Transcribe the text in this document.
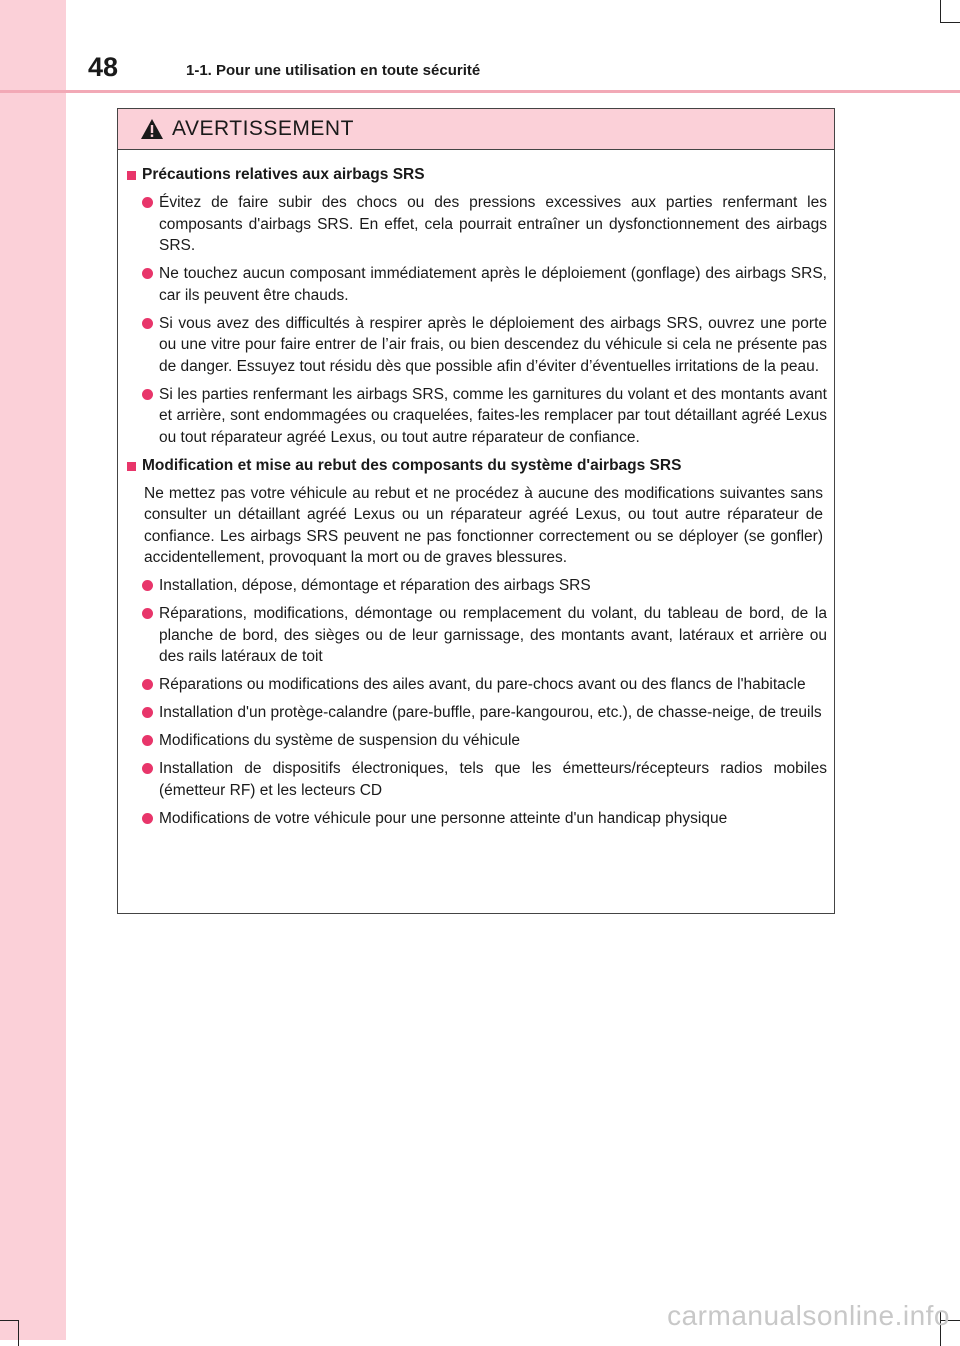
48	1-1. Pour une utilisation en toute sécurité
AVERTISSEMENT
Précautions relatives aux airbags SRS
Évitez de faire subir des chocs ou des pressions excessives aux parties renfermant les composants d'airbags SRS. En effet, cela pourrait entraîner un dysfonctionnement des airbags SRS.
Ne touchez aucun composant immédiatement après le déploiement (gonflage) des airbags SRS, car ils peuvent être chauds.
Si vous avez des difficultés à respirer après le déploiement des airbags SRS, ouvrez une porte ou une vitre pour faire entrer de l’air frais, ou bien descendez du véhicule si cela ne présente pas de danger. Essuyez tout résidu dès que possible afin d’éviter d’éventuelles irritations de la peau.
Si les parties renfermant les airbags SRS, comme les garnitures du volant et des montants avant et arrière, sont endommagées ou craquelées, faites-les remplacer par tout détaillant agréé Lexus ou tout réparateur agréé Lexus, ou tout autre réparateur de confiance.
Modification et mise au rebut des composants du système d'airbags SRS
Ne mettez pas votre véhicule au rebut et ne procédez à aucune des modifications suivantes sans consulter un détaillant agréé Lexus ou un réparateur agréé Lexus, ou tout autre réparateur de confiance. Les airbags SRS peuvent ne pas fonctionner correctement ou se déployer (se gonfler) accidentellement, provoquant la mort ou de graves blessures.
Installation, dépose, démontage et réparation des airbags SRS
Réparations, modifications, démontage ou remplacement du volant, du tableau de bord, de la planche de bord, des sièges ou de leur garnissage, des montants avant, latéraux et arrière ou des rails latéraux de toit
Réparations ou modifications des ailes avant, du pare-chocs avant ou des flancs de l'habitacle
Installation d'un protège-calandre (pare-buffle, pare-kangourou, etc.), de chasse-neige, de treuils
Modifications du système de suspension du véhicule
Installation de dispositifs électroniques, tels que les émetteurs/récepteurs radios mobiles (émetteur RF) et les lecteurs CD
Modifications de votre véhicule pour une personne atteinte d'un handicap physique
carmanualsonline.info
